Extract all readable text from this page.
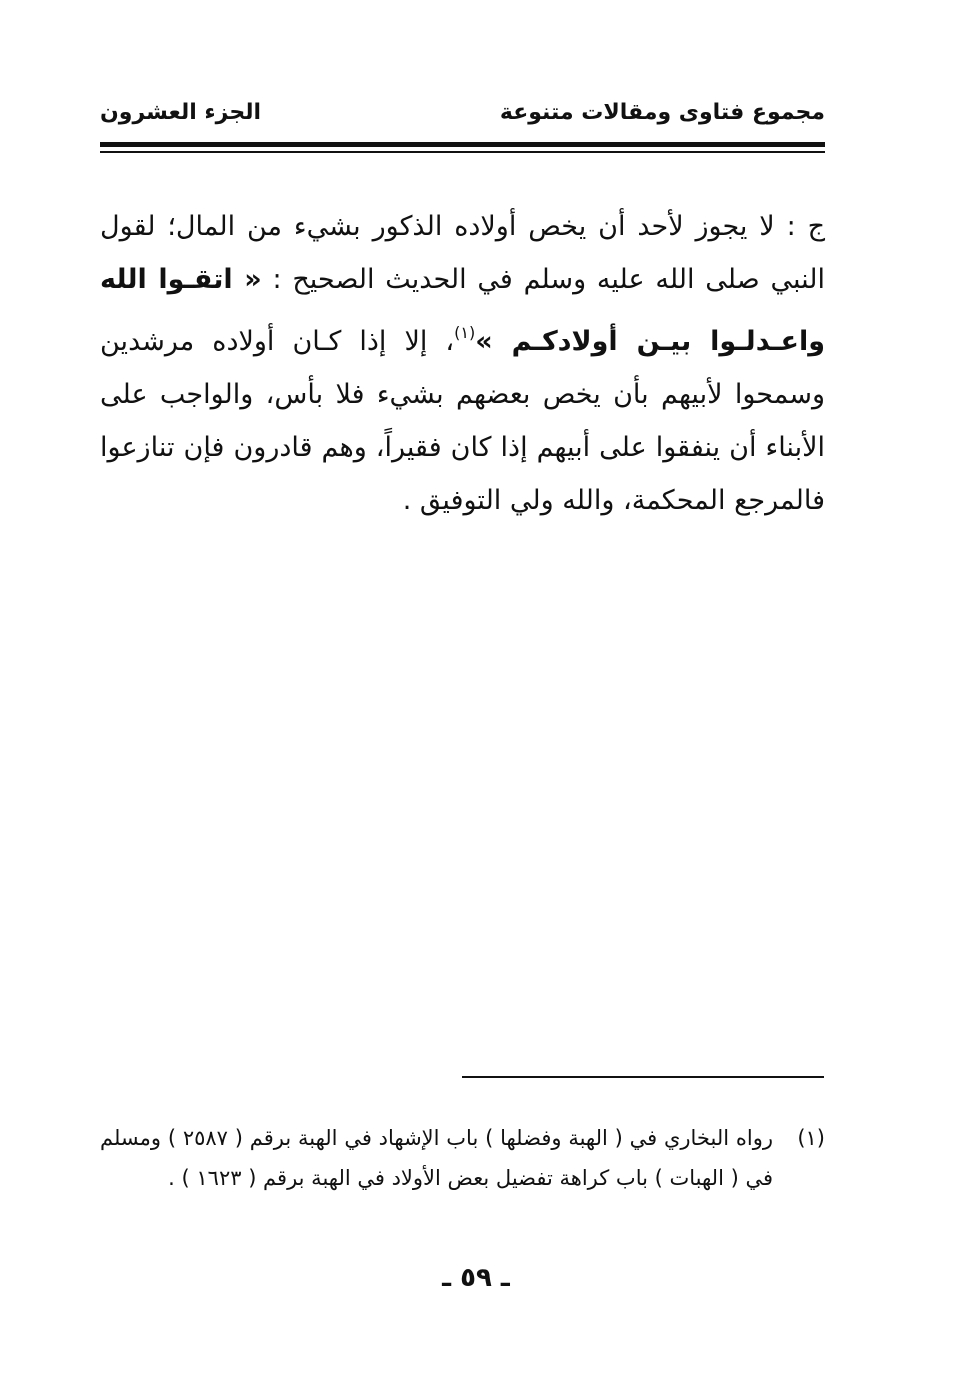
مجموع فتاوى ومقالات متنوعة
الجزء العشرون
ج : لا يجوز لأحد أن يخص أولاده الذكور بشيء من المال؛ لقول النبي صلى الله عليه وسلم في الحديث الصحيح : « اتقـوا الله واعـدلـوا بيـن أولادكـم »$^{(١)}$، إلا إذا كـان أولاده مرشدين وسمحوا لأبيهم بأن يخص بعضهم بشيء فلا بأس، والواجب على الأبناء أن ينفقوا على أبيهم إذا كان فقيراً، وهم قادرون فإن تنازعوا فالمرجع المحكمة، والله ولي التوفيق .
(١)
رواه البخاري في ( الهبة وفضلها ) باب الإشهاد في الهبة برقم ( ٢٥٨٧ ) ومسلم في ( الهبات ) باب كراهة تفضيل بعض الأولاد في الهبة برقم ( ١٦٢٣ ) .
ـ ٥٩ ـ
